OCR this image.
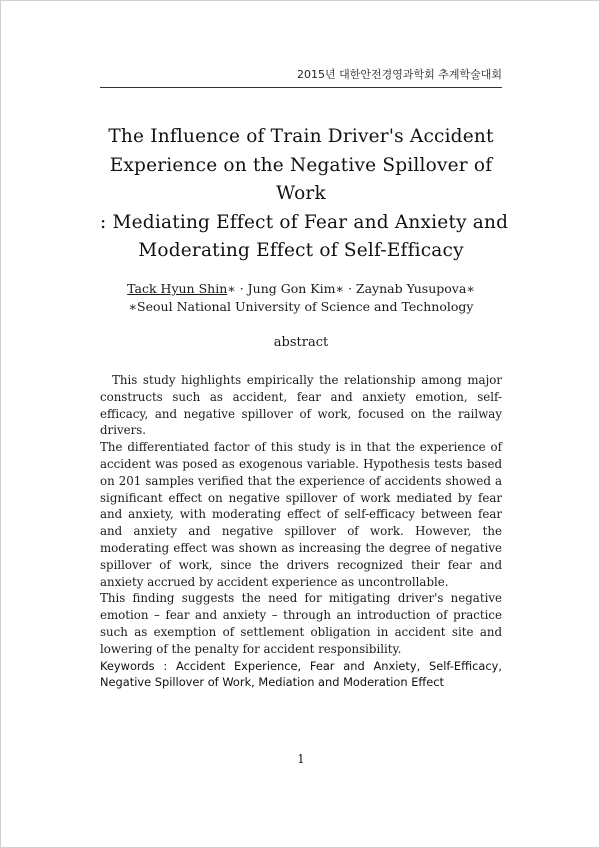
2015년 대한안전경영과학회 추계학술대회
The Influence of Train Driver's Accident
Experience on the Negative Spillover of
Work
: Mediating Effect of Fear and Anxiety and
Moderating Effect of Self-Efficacy
Tack Hyun Shin∗ · Jung Gon Kim∗ · Zaynab Yusupova∗
∗Seoul National University of Science and Technology
abstract

This study highlights empirically the relationship among major constructs such as accident, fear and anxiety emotion, self-efficacy, and negative spillover of work, focused on the railway drivers.

The differentiated factor of this study is in that the experience of accident was posed as exogenous variable. Hypothesis tests based on 201 samples verified that the experience of accidents showed a significant effect on negative spillover of work mediated by fear and anxiety, with moderating effect of self-efficacy between fear and anxiety and negative spillover of work. However, the moderating effect was shown as increasing the degree of negative spillover of work, since the drivers recognized their fear and anxiety accrued by accident experience as uncontrollable.

This finding suggests the need for mitigating driver's negative emotion – fear and anxiety – through an introduction of practice such as exemption of settlement obligation in accident site and lowering of the penalty for accident responsibility.

Keywords : Accident Experience, Fear and Anxiety, Self-Efficacy, Negative Spillover of Work, Mediation and Moderation Effect

1
